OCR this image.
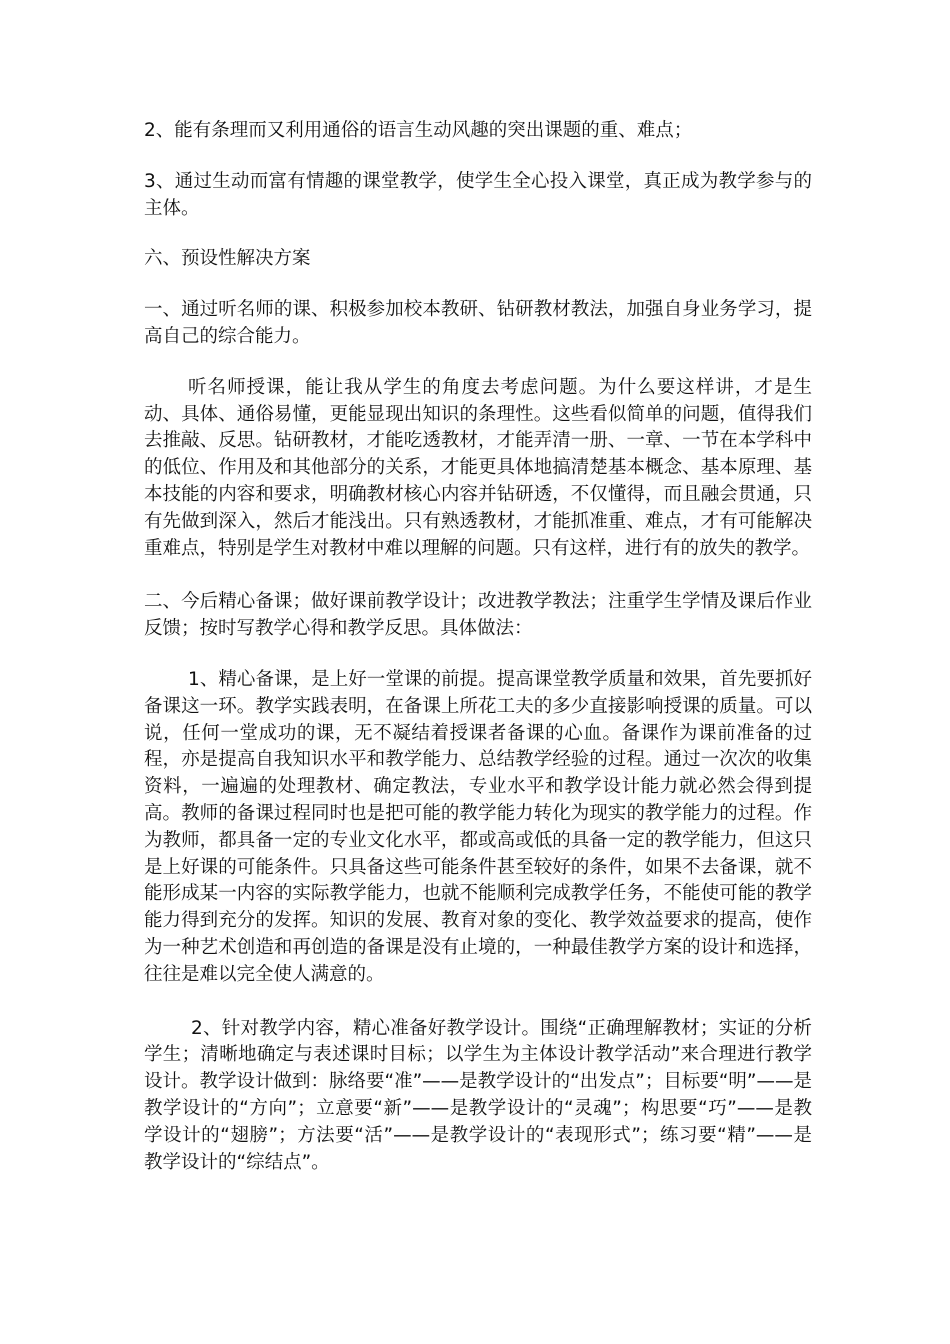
2、能有条理而又利用通俗的语言生动风趣的突出课题的重、难点；

3、通过生动而富有情趣的课堂教学，使学生全心投入课堂，真正成为教学参与的主体。

六、预设性解决方案

一、通过听名师的课、积极参加校本教研、钻研教材教法，加强自身业务学习，提高自己的综合能力。

听名师授课，能让我从学生的角度去考虑问题。为什么要这样讲，才是生动、具体、通俗易懂，更能显现出知识的条理性。这些看似简单的问题，值得我们去推敲、反思。钻研教材，才能吃透教材，才能弄清一册、一章、一节在本学科中的低位、作用及和其他部分的关系，才能更具体地搞清楚基本概念、基本原理、基本技能的内容和要求，明确教材核心内容并钻研透，不仅懂得，而且融会贯通，只有先做到深入，然后才能浅出。只有熟透教材，才能抓准重、难点，才有可能解决重难点，特别是学生对教材中难以理解的问题。只有这样，进行有的放失的教学。

二、今后精心备课；做好课前教学设计；改进教学教法；注重学生学情及课后作业反馈；按时写教学心得和教学反思。具体做法：

1、精心备课，是上好一堂课的前提。提高课堂教学质量和效果，首先要抓好备课这一环。教学实践表明，在备课上所花工夫的多少直接影响授课的质量。可以说，任何一堂成功的课，无不凝结着授课者备课的心血。备课作为课前准备的过程，亦是提高自我知识水平和教学能力、总结教学经验的过程。通过一次次的收集资料，一遍遍的处理教材、确定教法，专业水平和教学设计能力就必然会得到提高。教师的备课过程同时也是把可能的教学能力转化为现实的教学能力的过程。作为教师，都具备一定的专业文化水平，都或高或低的具备一定的教学能力，但这只是上好课的可能条件。只具备这些可能条件甚至较好的条件，如果不去备课，就不能形成某一内容的实际教学能力，也就不能顺利完成教学任务，不能使可能的教学能力得到充分的发挥。知识的发展、教育对象的变化、教学效益要求的提高，使作为一种艺术创造和再创造的备课是没有止境的，一种最佳教学方案的设计和选择，往往是难以完全使人满意的。

2、针对教学内容，精心准备好教学设计。围绕“正确理解教材；实证的分析学生；清晰地确定与表述课时目标；以学生为主体设计教学活动”来合理进行教学设计。教学设计做到：脉络要“准”——是教学设计的“出发点”；目标要“明”——是教学设计的“方向”；立意要“新”——是教学设计的“灵魂”；构思要“巧”——是教学设计的“翅膀”；方法要“活”——是教学设计的“表现形式”；练习要“精”——是教学设计的“综结点”。
